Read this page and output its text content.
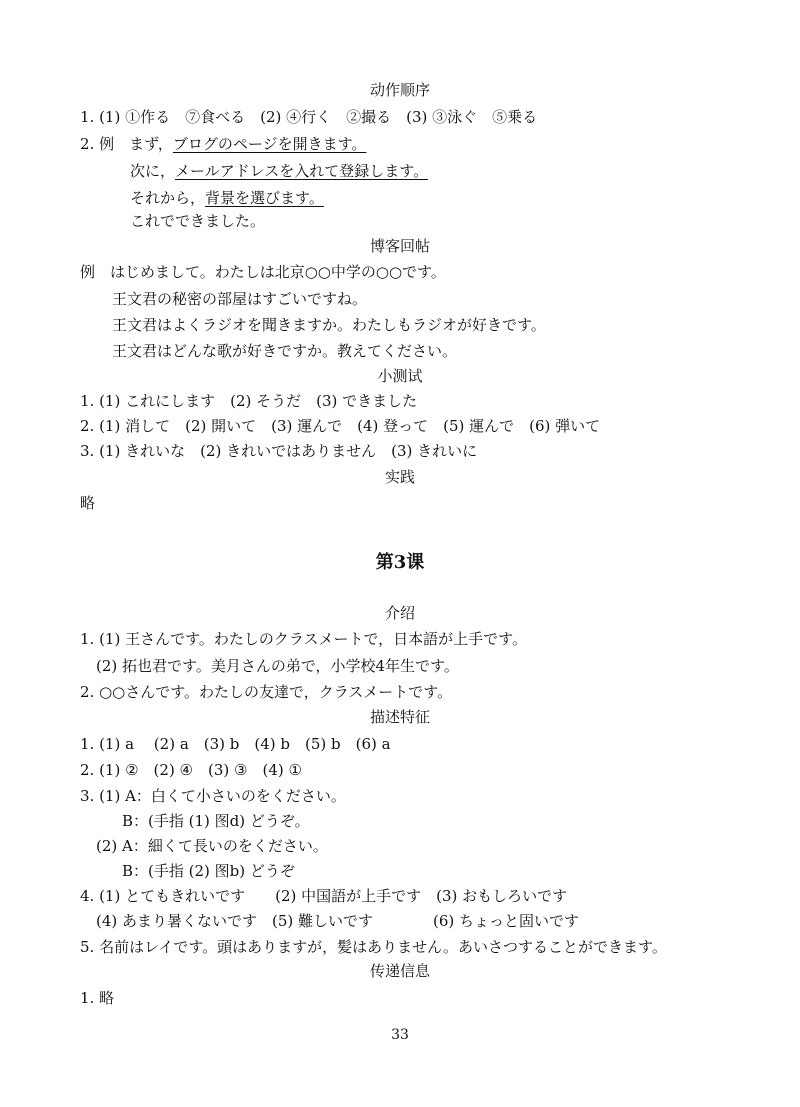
动作顺序
1. (1) ①作る　⑦食べる　(2) ④行く　②撮る　(3) ③泳ぐ　⑤乗る
2. 例　まず，ブログのページを開きます。
次に，メールアドレスを入れて登録します。
それから，背景を選びます。
これでできました。
博客回帖
例　はじめまして。わたしは北京○○中学の○○です。
王文君の秘密の部屋はすごいですね。
王文君はよくラジオを聞きますか。わたしもラジオが好きです。
王文君はどんな歌が好きですか。教えてください。
小测试
1. (1) これにします　(2) そうだ　(3) できました
2. (1) 消して　(2) 開いて　(3) 運んで　(4) 登って　(5) 運んで　(6) 弾いて
3. (1) きれいな　(2) きれいではありません　(3) きれいに
实践
略
第3课
介绍
1. (1) 王さんです。わたしのクラスメートで，日本語が上手です。
(2) 拓也君です。美月さんの弟で，小学校4年生です。
2. ○○さんです。わたしの友達で，クラスメートです。
描述特征
1. (1) a　 (2) a　(3) b　(4) b　(5) b　(6) a
2. (1) ②　(2) ④　(3) ③　(4) ①
3. (1) A：白くて小さいのをください。
B：(手指 (1) 图d) どうぞ。
(2) A：細くて長いのをください。
B：(手指 (2) 图b) どうぞ
4. (1) とてもきれいです　　(2) 中国語が上手です　(3) おもしろいです
(4) あまり暑くないです　(5) 難しいです　　　　(6) ちょっと固いです
5. 名前はレイです。頭はありますが，髪はありません。あいさつすることができます。
传递信息
1. 略
33
